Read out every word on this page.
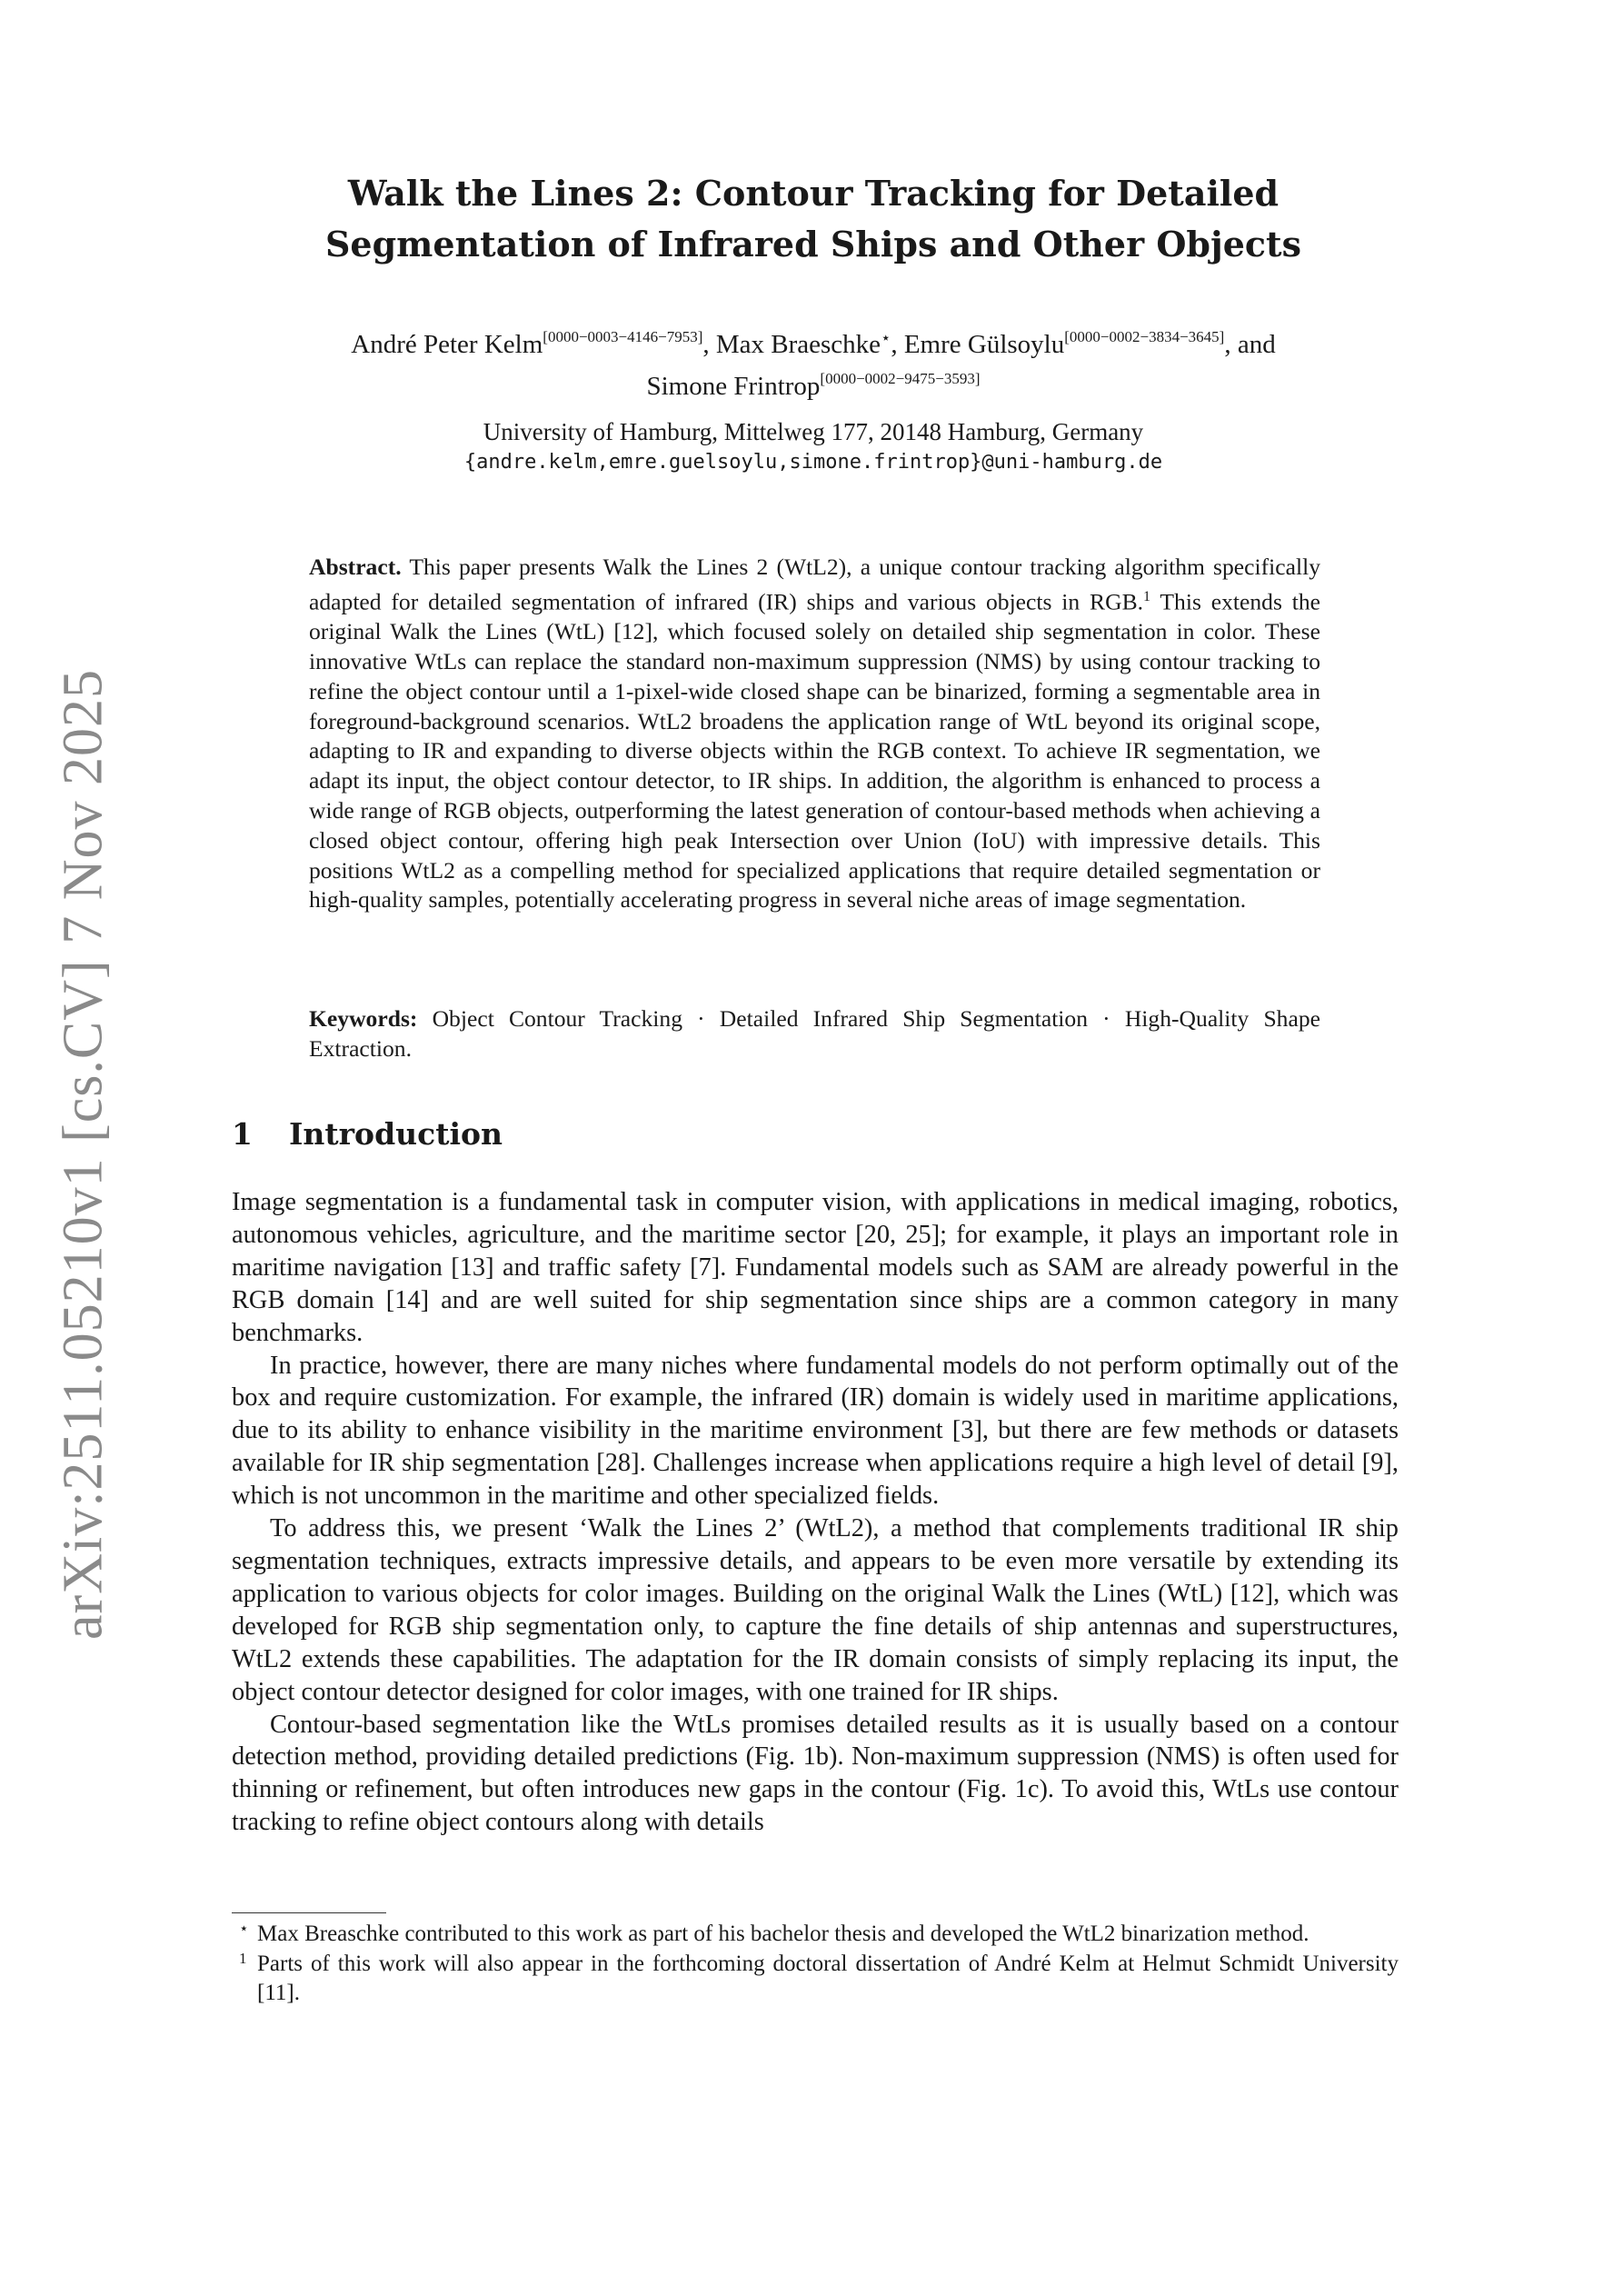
arXiv:2511.05210v1 [cs.CV] 7 Nov 2025
Walk the Lines 2: Contour Tracking for Detailed
Segmentation of Infrared Ships and Other Objects
André Peter Kelm[0000−0003−4146−7953], Max Braeschke⋆, Emre Gülsoylu[0000−0002−3834−3645], and
Simone Frintrop[0000−0002−9475−3593]
University of Hamburg, Mittelweg 177, 20148 Hamburg, Germany
{andre.kelm,emre.guelsoylu,simone.frintrop}@uni-hamburg.de

Abstract. This paper presents Walk the Lines 2 (WtL2), a unique contour tracking algorithm specifically adapted for detailed segmentation of infrared (IR) ships and various objects in RGB.$^1$ This extends the original Walk the Lines (WtL) [12], which focused solely on detailed ship segmentation in color. These innovative WtLs can replace the standard non-maximum suppression (NMS) by using contour tracking to refine the object contour until a 1-pixel-wide closed shape can be binarized, forming a segmentable area in foreground-background scenarios. WtL2 broadens the application range of WtL beyond its original scope, adapting to IR and expanding to diverse objects within the RGB context. To achieve IR segmentation, we adapt its input, the object contour detector, to IR ships. In addition, the algorithm is enhanced to process a wide range of RGB objects, outperforming the latest generation of contour-based methods when achieving a closed object contour, offering high peak Intersection over Union (IoU) with impressive details. This positions WtL2 as a compelling method for specialized applications that require detailed segmentation or high-quality samples, potentially accelerating progress in several niche areas of image segmentation.

Keywords: Object Contour Tracking · Detailed Infrared Ship Segmentation · High-Quality Shape Extraction.

1 Introduction

Image segmentation is a fundamental task in computer vision, with applications in medical imaging, robotics, autonomous vehicles, agriculture, and the maritime sector [20, 25]; for example, it plays an important role in maritime navigation [13] and traffic safety [7]. Fundamental models such as SAM are already powerful in the RGB domain [14] and are well suited for ship segmentation since ships are a common category in many benchmarks.

In practice, however, there are many niches where fundamental models do not perform optimally out of the box and require customization. For example, the infrared (IR) domain is widely used in maritime applications, due to its ability to enhance visibility in the maritime environment [3], but there are few methods or datasets available for IR ship segmentation [28]. Challenges increase when applications require a high level of detail [9], which is not uncommon in the maritime and other specialized fields.

To address this, we present ‘Walk the Lines 2’ (WtL2), a method that complements traditional IR ship segmentation techniques, extracts impressive details, and appears to be even more versatile by extending its application to various objects for color images. Building on the original Walk the Lines (WtL) [12], which was developed for RGB ship segmentation only, to capture the fine details of ship antennas and superstructures, WtL2 extends these capabilities. The adaptation for the IR domain consists of simply replacing its input, the object contour detector designed for color images, with one trained for IR ships.

Contour-based segmentation like the WtLs promises detailed results as it is usually based on a contour detection method, providing detailed predictions (Fig. 1b). Non-maximum suppression (NMS) is often used for thinning or refinement, but often introduces new gaps in the contour (Fig. 1c). To avoid this, WtLs use contour tracking to refine object contours along with details

⋆ Max Breaschke contributed to this work as part of his bachelor thesis and developed the WtL2 binarization method.

1 Parts of this work will also appear in the forthcoming doctoral dissertation of André Kelm at Helmut Schmidt University [11].
